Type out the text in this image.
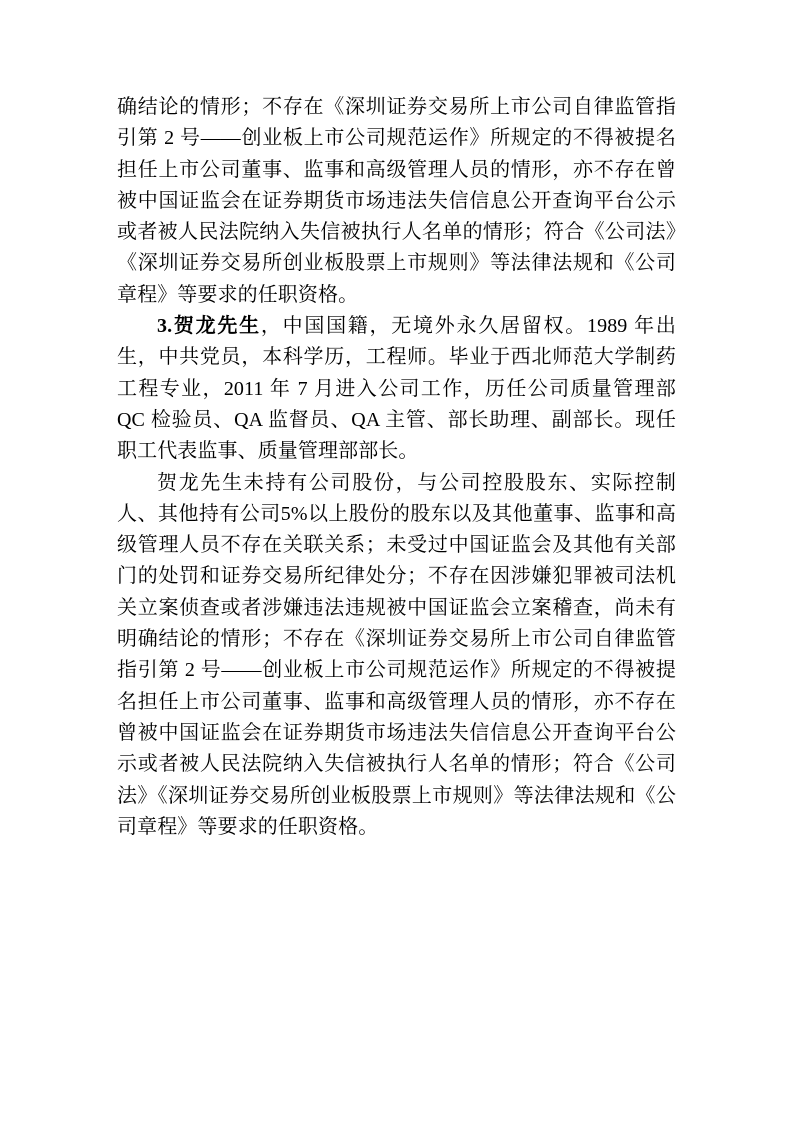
确结论的情形；不存在《深圳证券交易所上市公司自律监管指引第 2 号——创业板上市公司规范运作》所规定的不得被提名担任上市公司董事、监事和高级管理人员的情形，亦不存在曾被中国证监会在证券期货市场违法失信信息公开查询平台公示或者被人民法院纳入失信被执行人名单的情形；符合《公司法》《深圳证券交易所创业板股票上市规则》等法律法规和《公司章程》等要求的任职资格。

3.贺龙先生，中国国籍，无境外永久居留权。1989 年出生，中共党员，本科学历，工程师。毕业于西北师范大学制药工程专业，2011 年 7 月进入公司工作，历任公司质量管理部 QC 检验员、QA 监督员、QA 主管、部长助理、副部长。现任职工代表监事、质量管理部部长。

贺龙先生未持有公司股份，与公司控股股东、实际控制人、其他持有公司5%以上股份的股东以及其他董事、监事和高级管理人员不存在关联关系；未受过中国证监会及其他有关部门的处罚和证券交易所纪律处分；不存在因涉嫌犯罪被司法机关立案侦查或者涉嫌违法违规被中国证监会立案稽查，尚未有明确结论的情形；不存在《深圳证券交易所上市公司自律监管指引第 2 号——创业板上市公司规范运作》所规定的不得被提名担任上市公司董事、监事和高级管理人员的情形，亦不存在曾被中国证监会在证券期货市场违法失信信息公开查询平台公示或者被人民法院纳入失信被执行人名单的情形；符合《公司法》《深圳证券交易所创业板股票上市规则》等法律法规和《公司章程》等要求的任职资格。
